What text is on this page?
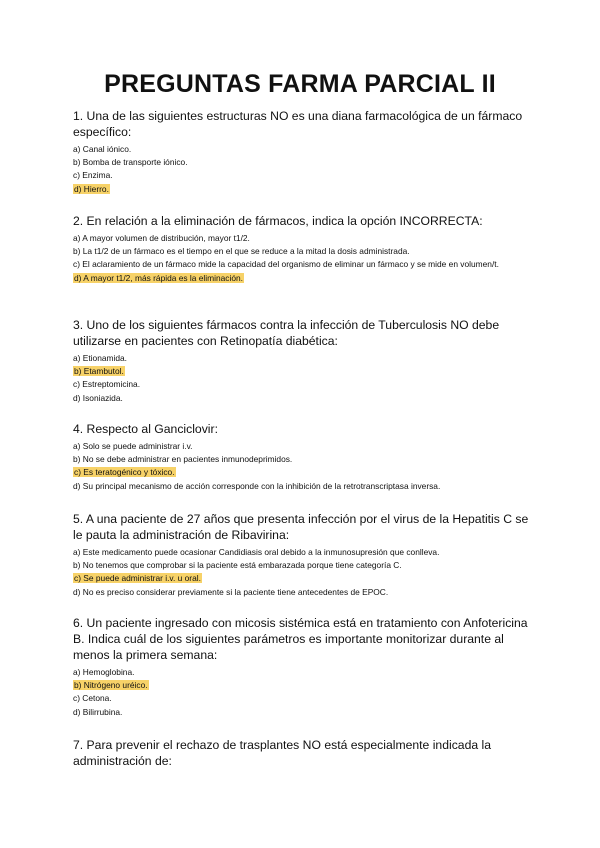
PREGUNTAS FARMA PARCIAL II
1. Una de las siguientes estructuras NO es una diana farmacológica de un fármaco específico:
a) Canal iónico.
b) Bomba de transporte iónico.
c) Enzima.
d) Hierro.
2. En relación a la eliminación de fármacos, indica la opción INCORRECTA:
a) A mayor volumen de distribución, mayor t1/2.
b) La t1/2 de un fármaco es el tiempo en el que se reduce a la mitad la dosis administrada.
c) El aclaramiento de un fármaco mide la capacidad del organismo de eliminar un fármaco y se mide en volumen/t.
d) A mayor t1/2, más rápida es la eliminación.
3. Uno de los siguientes fármacos contra la infección de Tuberculosis NO debe utilizarse en pacientes con Retinopatía diabética:
a) Etionamida.
b) Etambutol.
c) Estreptomicina.
d) Isoniazida.
4. Respecto al Ganciclovir:
a) Solo se puede administrar i.v.
b) No se debe administrar en pacientes inmunodeprimidos.
c) Es teratogénico y tóxico.
d) Su principal mecanismo de acción corresponde con la inhibición de la retrotranscriptasa inversa.
5. A una paciente de 27 años que presenta infección por el virus de la Hepatitis C se le pauta la administración de Ribavirina:
a) Este medicamento puede ocasionar Candidiasis oral debido a la inmunosupresión que conlleva.
b) No tenemos que comprobar si la paciente está embarazada porque tiene categoría C.
c) Se puede administrar i.v. u oral.
d) No es preciso considerar previamente si la paciente tiene antecedentes de EPOC.
6. Un paciente ingresado con micosis sistémica está en tratamiento con Anfotericina B. Indica cuál de los siguientes parámetros es importante monitorizar durante al menos la primera semana:
a) Hemoglobina.
b) Nitrógeno uréico.
c) Cetona.
d) Bilirrubina.
7. Para prevenir el rechazo de trasplantes NO está especialmente indicada la administración de:
